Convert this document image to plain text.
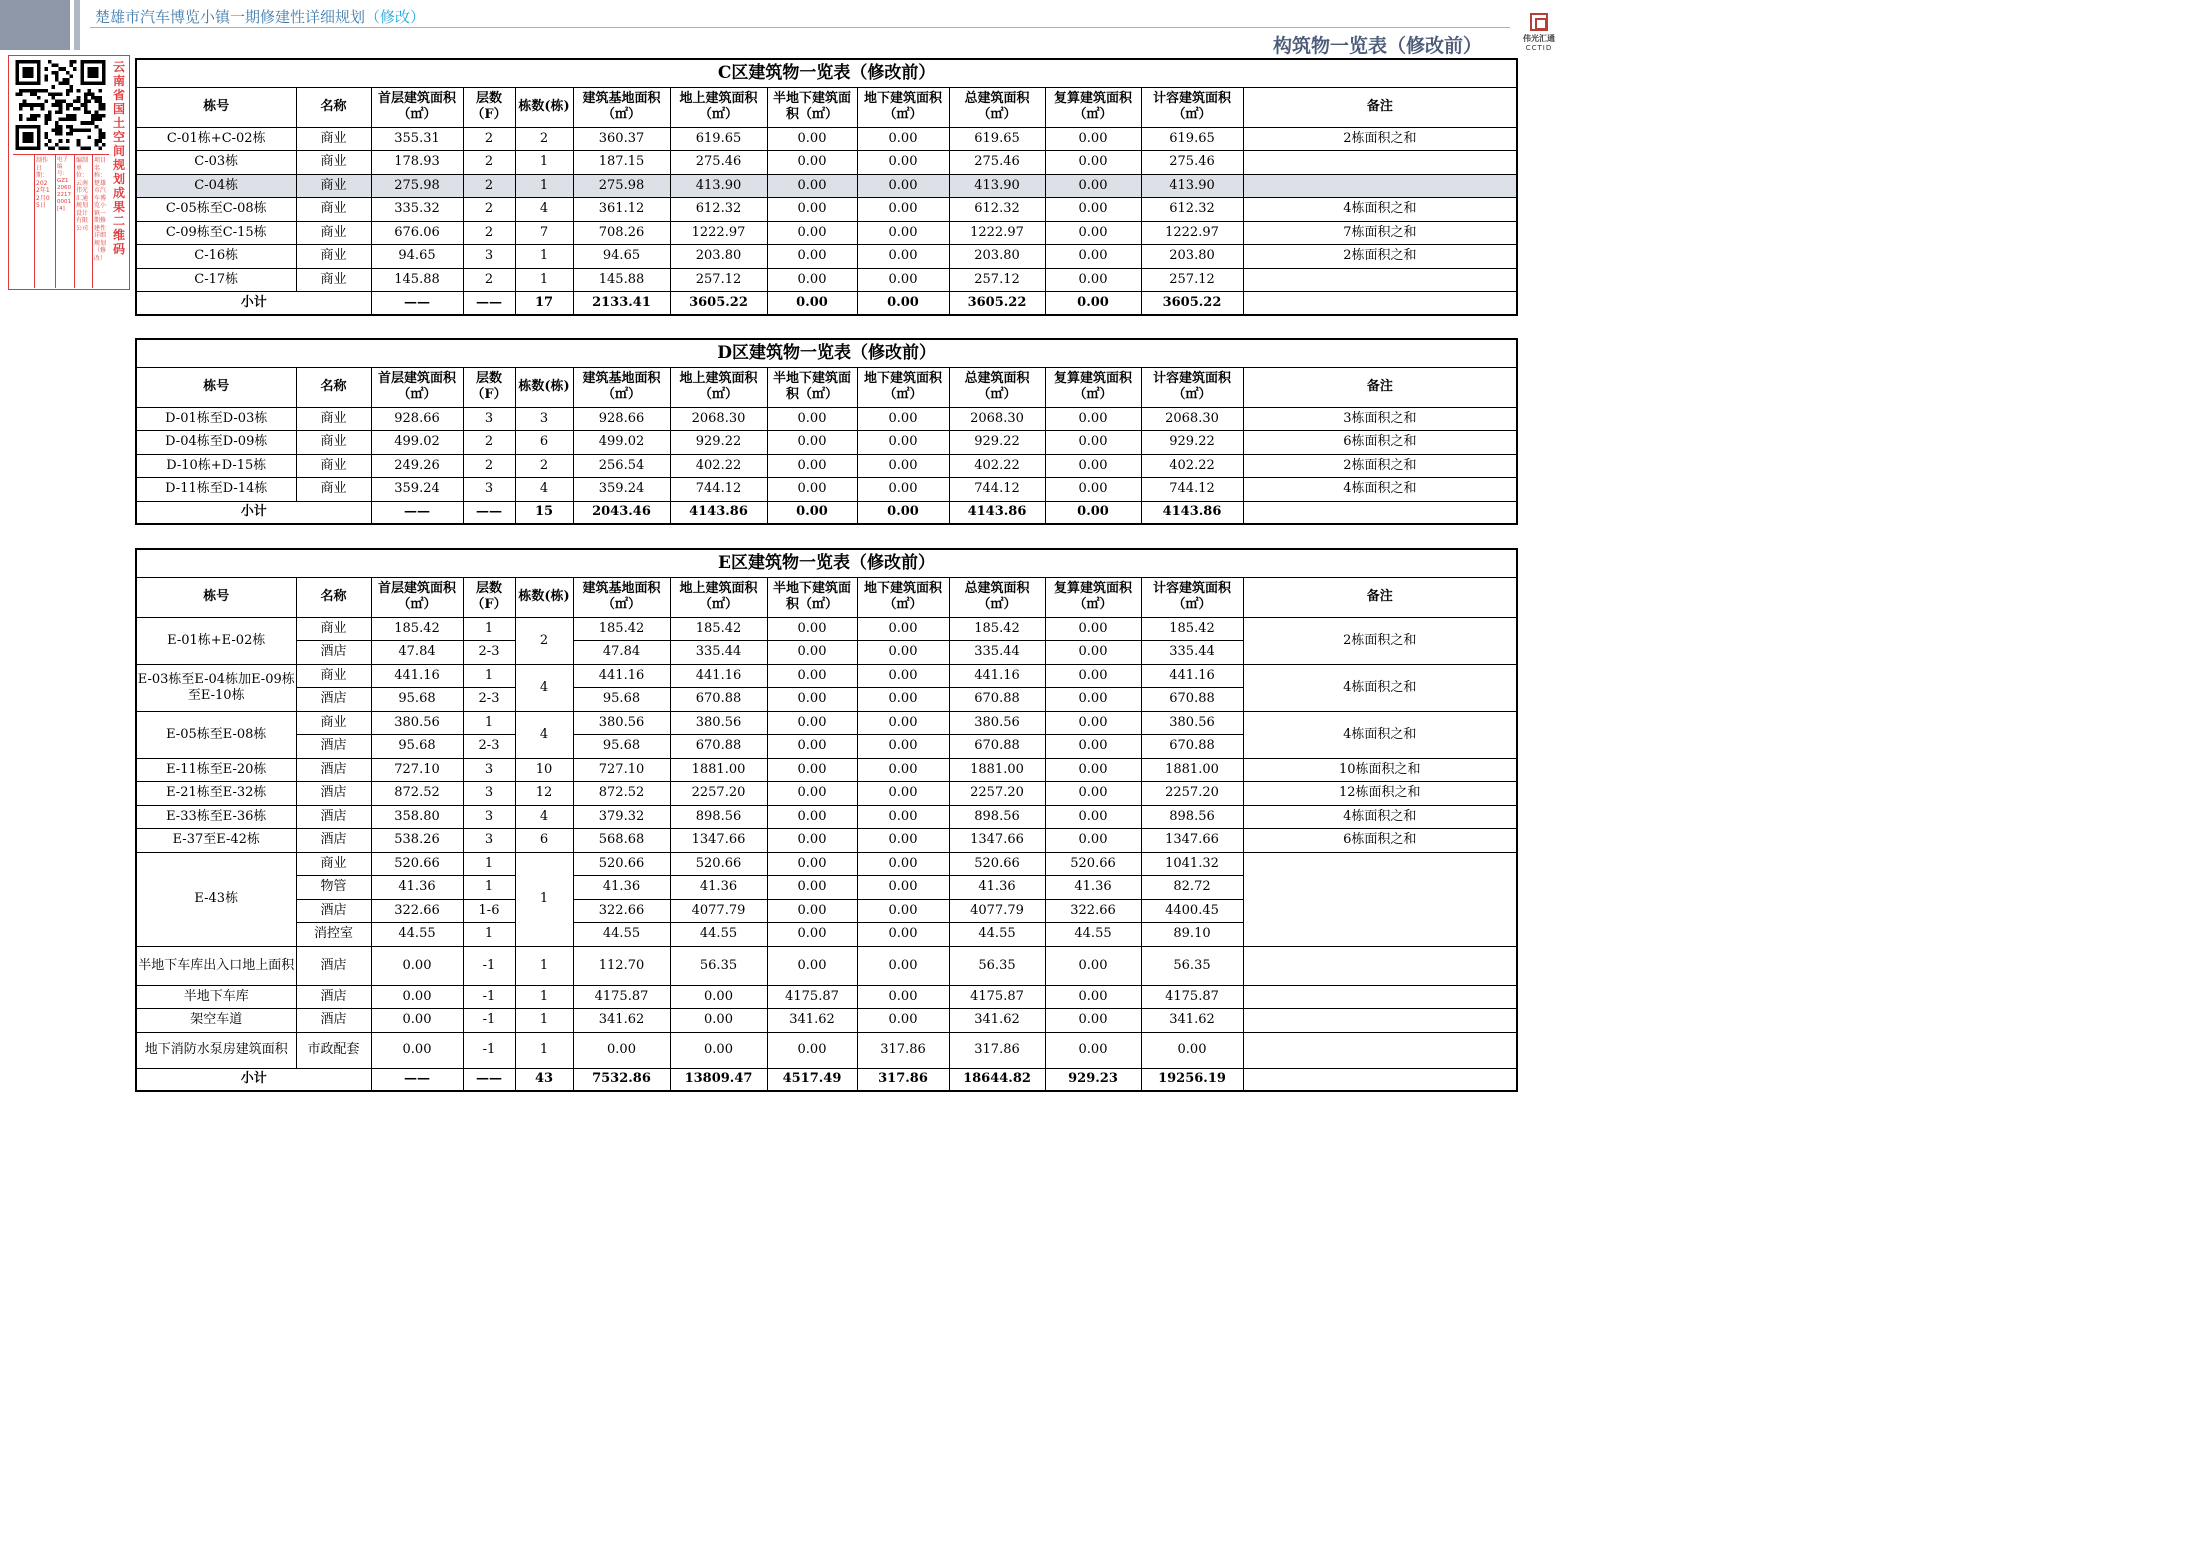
楚雄市汽车博览小镇一期修建性详细规划（修改）
构筑物一览表（修改前）	伟光汇通
CCTID
云南省国土空间规划成果二维码
项目名称：楚雄市汽车博览小镇一期修建性详细规划（修改）
编制单位：云南伟光汇通规划设计有限公司
电子编号：GZ1206022170001[4]
制作日期：2022年12月05日
C区建筑物一览表（修改前）												
栋号	名称	首层建筑面积（㎡）	层数（F）	栋数(栋)	建筑基地面积（㎡）	地上建筑面积（㎡）	半地下建筑面积（㎡）	地下建筑面积（㎡）	总建筑面积（㎡）	复算建筑面积（㎡）	计容建筑面积（㎡）	备注
C-01栋+C-02栋	商业	355.31	2	2	360.37	619.65	0.00	0.00	619.65	0.00	619.65	2栋面积之和
C-03栋	商业	178.93	2	1	187.15	275.46	0.00	0.00	275.46	0.00	275.46	
C-04栋	商业	275.98	2	1	275.98	413.90	0.00	0.00	413.90	0.00	413.90	
C-05栋至C-08栋	商业	335.32	2	4	361.12	612.32	0.00	0.00	612.32	0.00	612.32	4栋面积之和
C-09栋至C-15栋	商业	676.06	2	7	708.26	1222.97	0.00	0.00	1222.97	0.00	1222.97	7栋面积之和
C-16栋	商业	94.65	3	1	94.65	203.80	0.00	0.00	203.80	0.00	203.80	2栋面积之和
C-17栋	商业	145.88	2	1	145.88	257.12	0.00	0.00	257.12	0.00	257.12	
小计		——	——	17	2133.41	3605.22	0.00	0.00	3605.22	0.00	3605.22	
D区建筑物一览表（修改前）												
栋号	名称	首层建筑面积（㎡）	层数（F）	栋数(栋)	建筑基地面积（㎡）	地上建筑面积（㎡）	半地下建筑面积（㎡）	地下建筑面积（㎡）	总建筑面积（㎡）	复算建筑面积（㎡）	计容建筑面积（㎡）	备注
D-01栋至D-03栋	商业	928.66	3	3	928.66	2068.30	0.00	0.00	2068.30	0.00	2068.30	3栋面积之和
D-04栋至D-09栋	商业	499.02	2	6	499.02	929.22	0.00	0.00	929.22	0.00	929.22	6栋面积之和
D-10栋+D-15栋	商业	249.26	2	2	256.54	402.22	0.00	0.00	402.22	0.00	402.22	2栋面积之和
D-11栋至D-14栋	商业	359.24	3	4	359.24	744.12	0.00	0.00	744.12	0.00	744.12	4栋面积之和
小计		——	——	15	2043.46	4143.86	0.00	0.00	4143.86	0.00	4143.86	
E区建筑物一览表（修改前）												
栋号	名称	首层建筑面积（㎡）	层数（F）	栋数(栋)	建筑基地面积（㎡）	地上建筑面积（㎡）	半地下建筑面积（㎡）	地下建筑面积（㎡）	总建筑面积（㎡）	复算建筑面积（㎡）	计容建筑面积（㎡）	备注
E-01栋+E-02栋	商业	185.42	1	2	185.42	185.42	0.00	0.00	185.42	0.00	185.42	2栋面积之和
	酒店	47.84	2-3		47.84	335.44	0.00	0.00	335.44	0.00	335.44	
E-03栋至E-04栋加E-09栋至E-10栋	商业	441.16	1	4	441.16	441.16	0.00	0.00	441.16	0.00	441.16	4栋面积之和
	酒店	95.68	2-3		95.68	670.88	0.00	0.00	670.88	0.00	670.88	
E-05栋至E-08栋	商业	380.56	1	4	380.56	380.56	0.00	0.00	380.56	0.00	380.56	4栋面积之和
	酒店	95.68	2-3		95.68	670.88	0.00	0.00	670.88	0.00	670.88	
E-11栋至E-20栋	酒店	727.10	3	10	727.10	1881.00	0.00	0.00	1881.00	0.00	1881.00	10栋面积之和
E-21栋至E-32栋	酒店	872.52	3	12	872.52	2257.20	0.00	0.00	2257.20	0.00	2257.20	12栋面积之和
E-33栋至E-36栋	酒店	358.80	3	4	379.32	898.56	0.00	0.00	898.56	0.00	898.56	4栋面积之和
E-37至E-42栋	酒店	538.26	3	6	568.68	1347.66	0.00	0.00	1347.66	0.00	1347.66	6栋面积之和
E-43栋	商业	520.66	1	1	520.66	520.66	0.00	0.00	520.66	520.66	1041.32	
	物管	41.36	1		41.36	41.36	0.00	0.00	41.36	41.36	82.72	
	酒店	322.66	1-6		322.66	4077.79	0.00	0.00	4077.79	322.66	4400.45	
	消控室	44.55	1		44.55	44.55	0.00	0.00	44.55	44.55	89.10	
半地下车库出入口地上面积	酒店	0.00	-1	1	112.70	56.35	0.00	0.00	56.35	0.00	56.35	
半地下车库	酒店	0.00	-1	1	4175.87	0.00	4175.87	0.00	4175.87	0.00	4175.87	
架空车道	酒店	0.00	-1	1	341.62	0.00	341.62	0.00	341.62	0.00	341.62	
地下消防水泵房建筑面积	市政配套	0.00	-1	1	0.00	0.00	0.00	317.86	317.86	0.00	0.00	
小计		——	——	43	7532.86	13809.47	4517.49	317.86	18644.82	929.23	19256.19	
